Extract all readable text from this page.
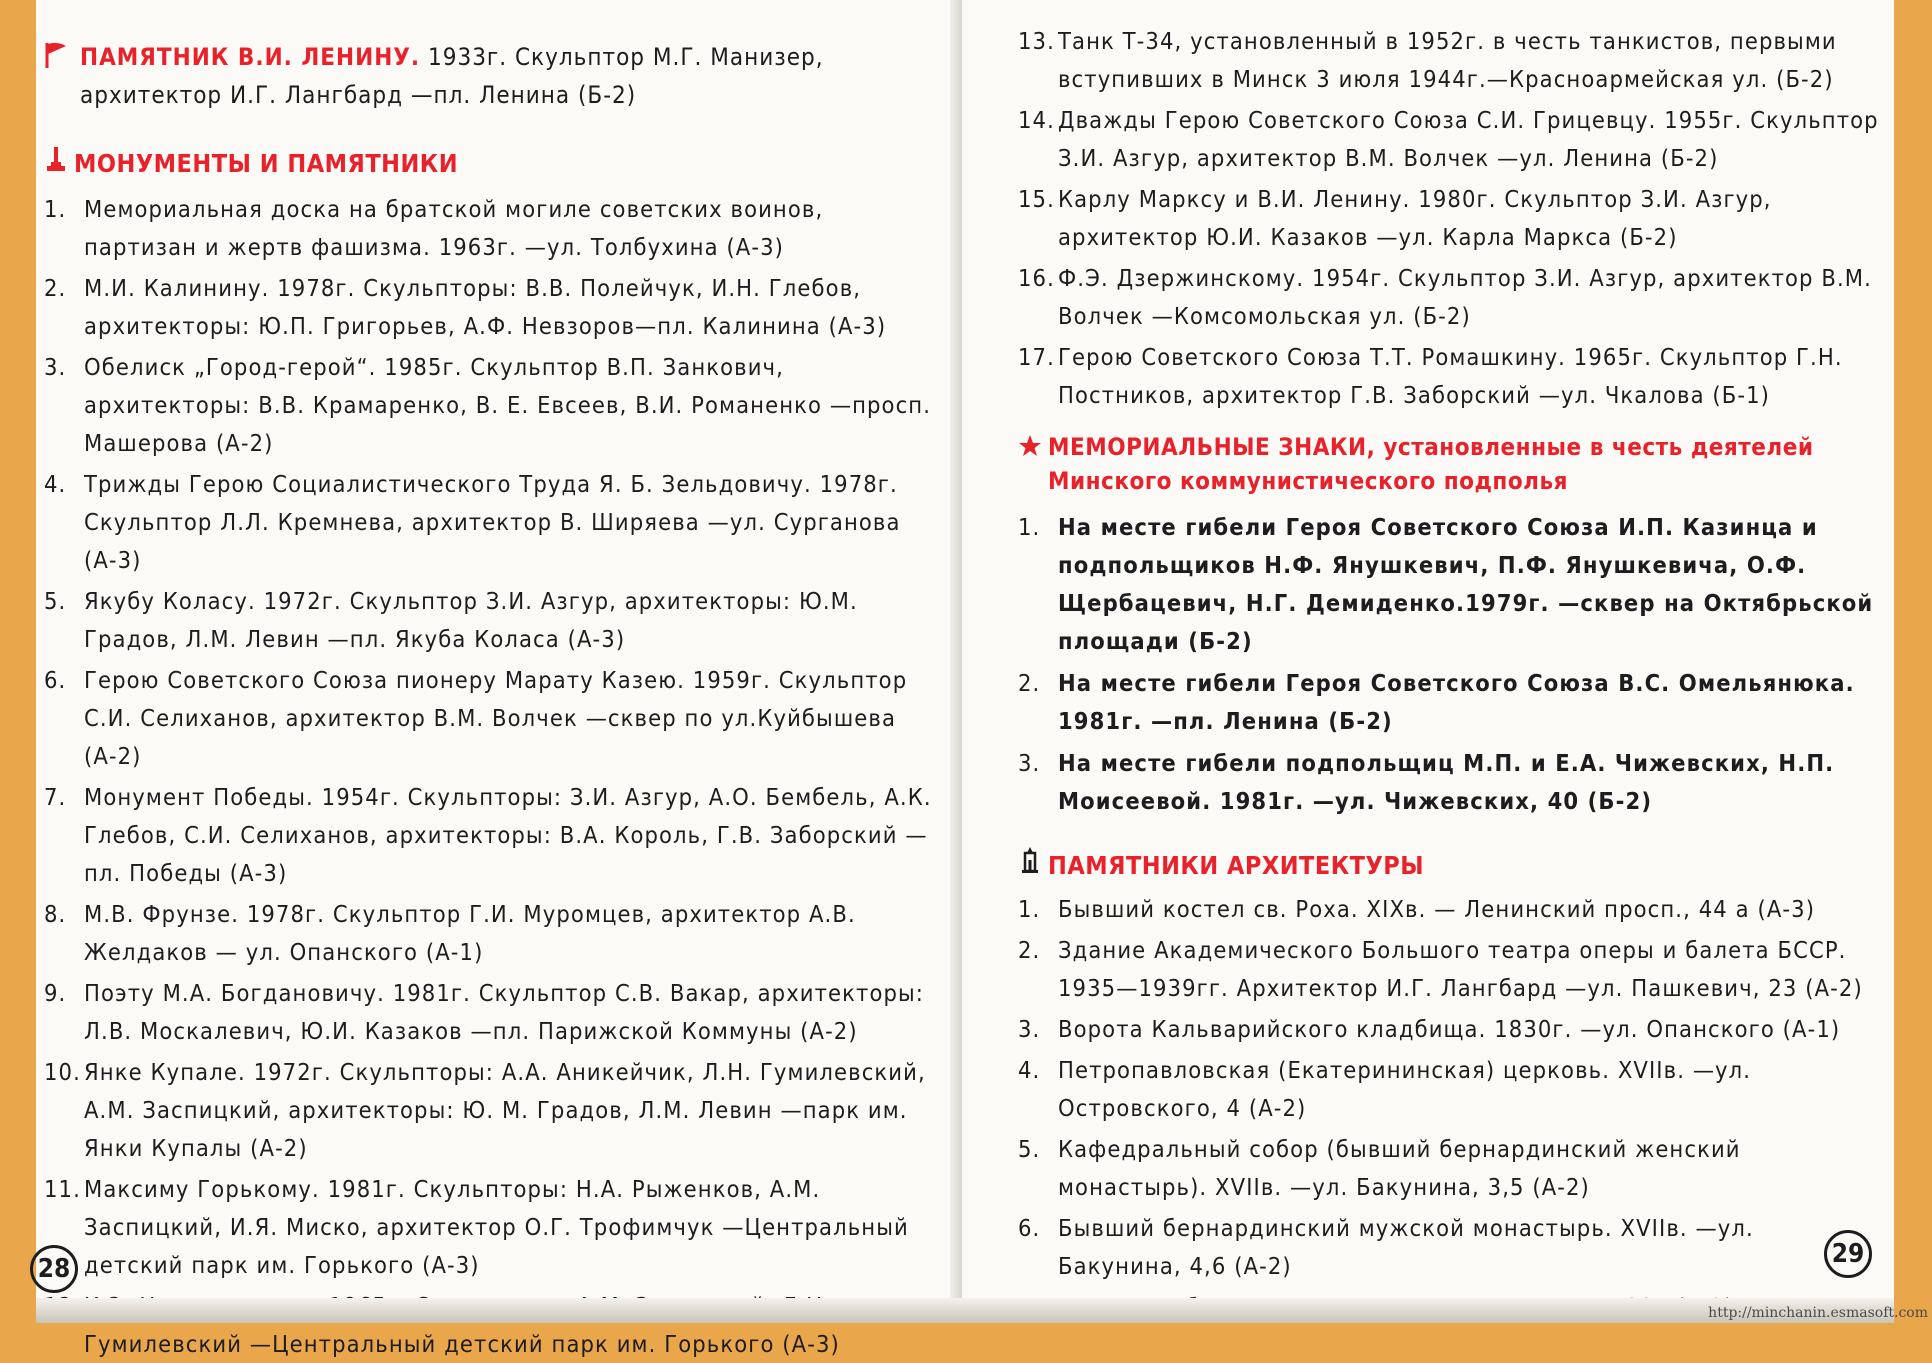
ПАМЯТНИК В.И. ЛЕНИНУ. 1933г. Скульптор М.Г. Манизер, архитектор И.Г. Лангбард —пл. Ленина (Б-2)
МОНУМЕНТЫ И ПАМЯТНИКИ
1. Мемориальная доска на братской могиле советских воинов, партизан и жертв фашизма. 1963г. —ул. Толбухина (А-3)
2. М.И. Калинину. 1978г. Скульпторы: В.В. Полейчук, И.Н. Глебов, архитекторы: Ю.П. Григорьев, А.Ф. Невзоров—пл. Калинина (А-3)
3. Обелиск „Город-герой“. 1985г. Скульптор В.П. Занкович, архитекторы: В.В. Крамаренко, В. Е. Евсеев, В.И. Романенко —просп. Машерова (А-2)
4. Трижды Герою Социалистического Труда Я. Б. Зельдовичу. 1978г. Скульптор Л.Л. Кремнева, архитектор В. Ширяева —ул. Сурганова (А-3)
5. Якубу Коласу. 1972г. Скульптор З.И. Азгур, архитекторы: Ю.М. Градов, Л.М. Левин —пл. Якуба Коласа (А-3)
6. Герою Советского Союза пионеру Марату Казею. 1959г. Скульптор С.И. Селиханов, архитектор В.М. Волчек —сквер по ул.Куйбышева (А-2)
7. Монумент Победы. 1954г. Скульпторы: З.И. Азгур, А.О. Бембель, А.К. Глебов, С.И. Селиханов, архитекторы: В.А. Король, Г.В. Заборский —пл. Победы (А-3)
8. М.В. Фрунзе. 1978г. Скульптор Г.И. Муромцев, архитектор А.В. Желдаков — ул. Опанского (А-1)
9. Поэту М.А. Богдановичу. 1981г. Скульптор С.В. Вакар, архитекторы: Л.В. Москалевич, Ю.И. Казаков —пл. Парижской Коммуны (А-2)
10. Янке Купале. 1972г. Скульпторы: А.А. Аникейчик, Л.Н. Гумилевский, А.М. Заспицкий, архитекторы: Ю. М. Градов, Л.М. Левин —парк им. Янки Купалы (А-2)
11. Максиму Горькому. 1981г. Скульпторы: Н.А. Рыженков, А.М. Заспицкий, И.Я. Миско, архитектор О.Г. Трофимчук —Центральный детский парк им. Горького (А-3)
Гумилевский —Центральный детский парк им. Горького (А-3)
13. Танк Т-34, установленный в 1952г. в честь танкистов, первыми вступивших в Минск 3 июля 1944г.—Красноармейская ул. (Б-2)
14. Дважды Герою Советского Союза С.И. Грицевцу. 1955г. Скульптор З.И. Азгур, архитектор В.М. Волчек —ул. Ленина (Б-2)
15. Карлу Марксу и В.И. Ленину. 1980г. Скульптор З.И. Азгур, архитектор Ю.И. Казаков —ул. Карла Маркса (Б-2)
16. Ф.Э. Дзержинскому. 1954г. Скульптор З.И. Азгур, архитектор В.М. Волчек —Комсомольская ул. (Б-2)
17. Герою Советского Союза Т.Т. Ромашкину. 1965г. Скульптор Г.Н. Постников, архитектор Г.В. Заборский —ул. Чкалова (Б-1)
МЕМОРИАЛЬНЫЕ ЗНАКИ, установленные в честь деятелей Минского коммунистического подполья
1. На месте гибели Героя Советского Союза И.П. Казинца и подпольщиков Н.Ф. Янушкевич, П.Ф. Янушкевича, О.Ф. Щербацевич, Н.Г. Демиденко.1979г. —сквер на Октябрьской площади (Б-2)
2. На месте гибели Героя Советского Союза В.С. Омельянюка. 1981г. —пл. Ленина (Б-2)
3. На месте гибели подпольщиц М.П. и Е.А. Чижевских, Н.П. Моисеевой. 1981г. —ул. Чижевских, 40 (Б-2)
ПАМЯТНИКИ АРХИТЕКТУРЫ
1. Бывший костел св. Роха. XIXв. — Ленинский просп., 44 а (А-3)
2. Здание Академического Большого театра оперы и балета БССР. 1935—1939гг. Архитектор И.Г. Лангбард —ул. Пашкевич, 23 (А-2)
3. Ворота Кальварийского кладбища. 1830г. —ул. Опанского (А-1)
4. Петропавловская (Екатерининская) церковь. XVIIв. —ул. Островского, 4 (А-2)
5. Кафедральный собор (бывший бернардинский женский монастырь). XVIIв. —ул. Бакунина, 3,5 (А-2)
6. Бывший бернардинский мужской монастырь. XVIIв. —ул. Бакунина, 4,6 (А-2)
28	29
http://minchanin.esmasoft.com
